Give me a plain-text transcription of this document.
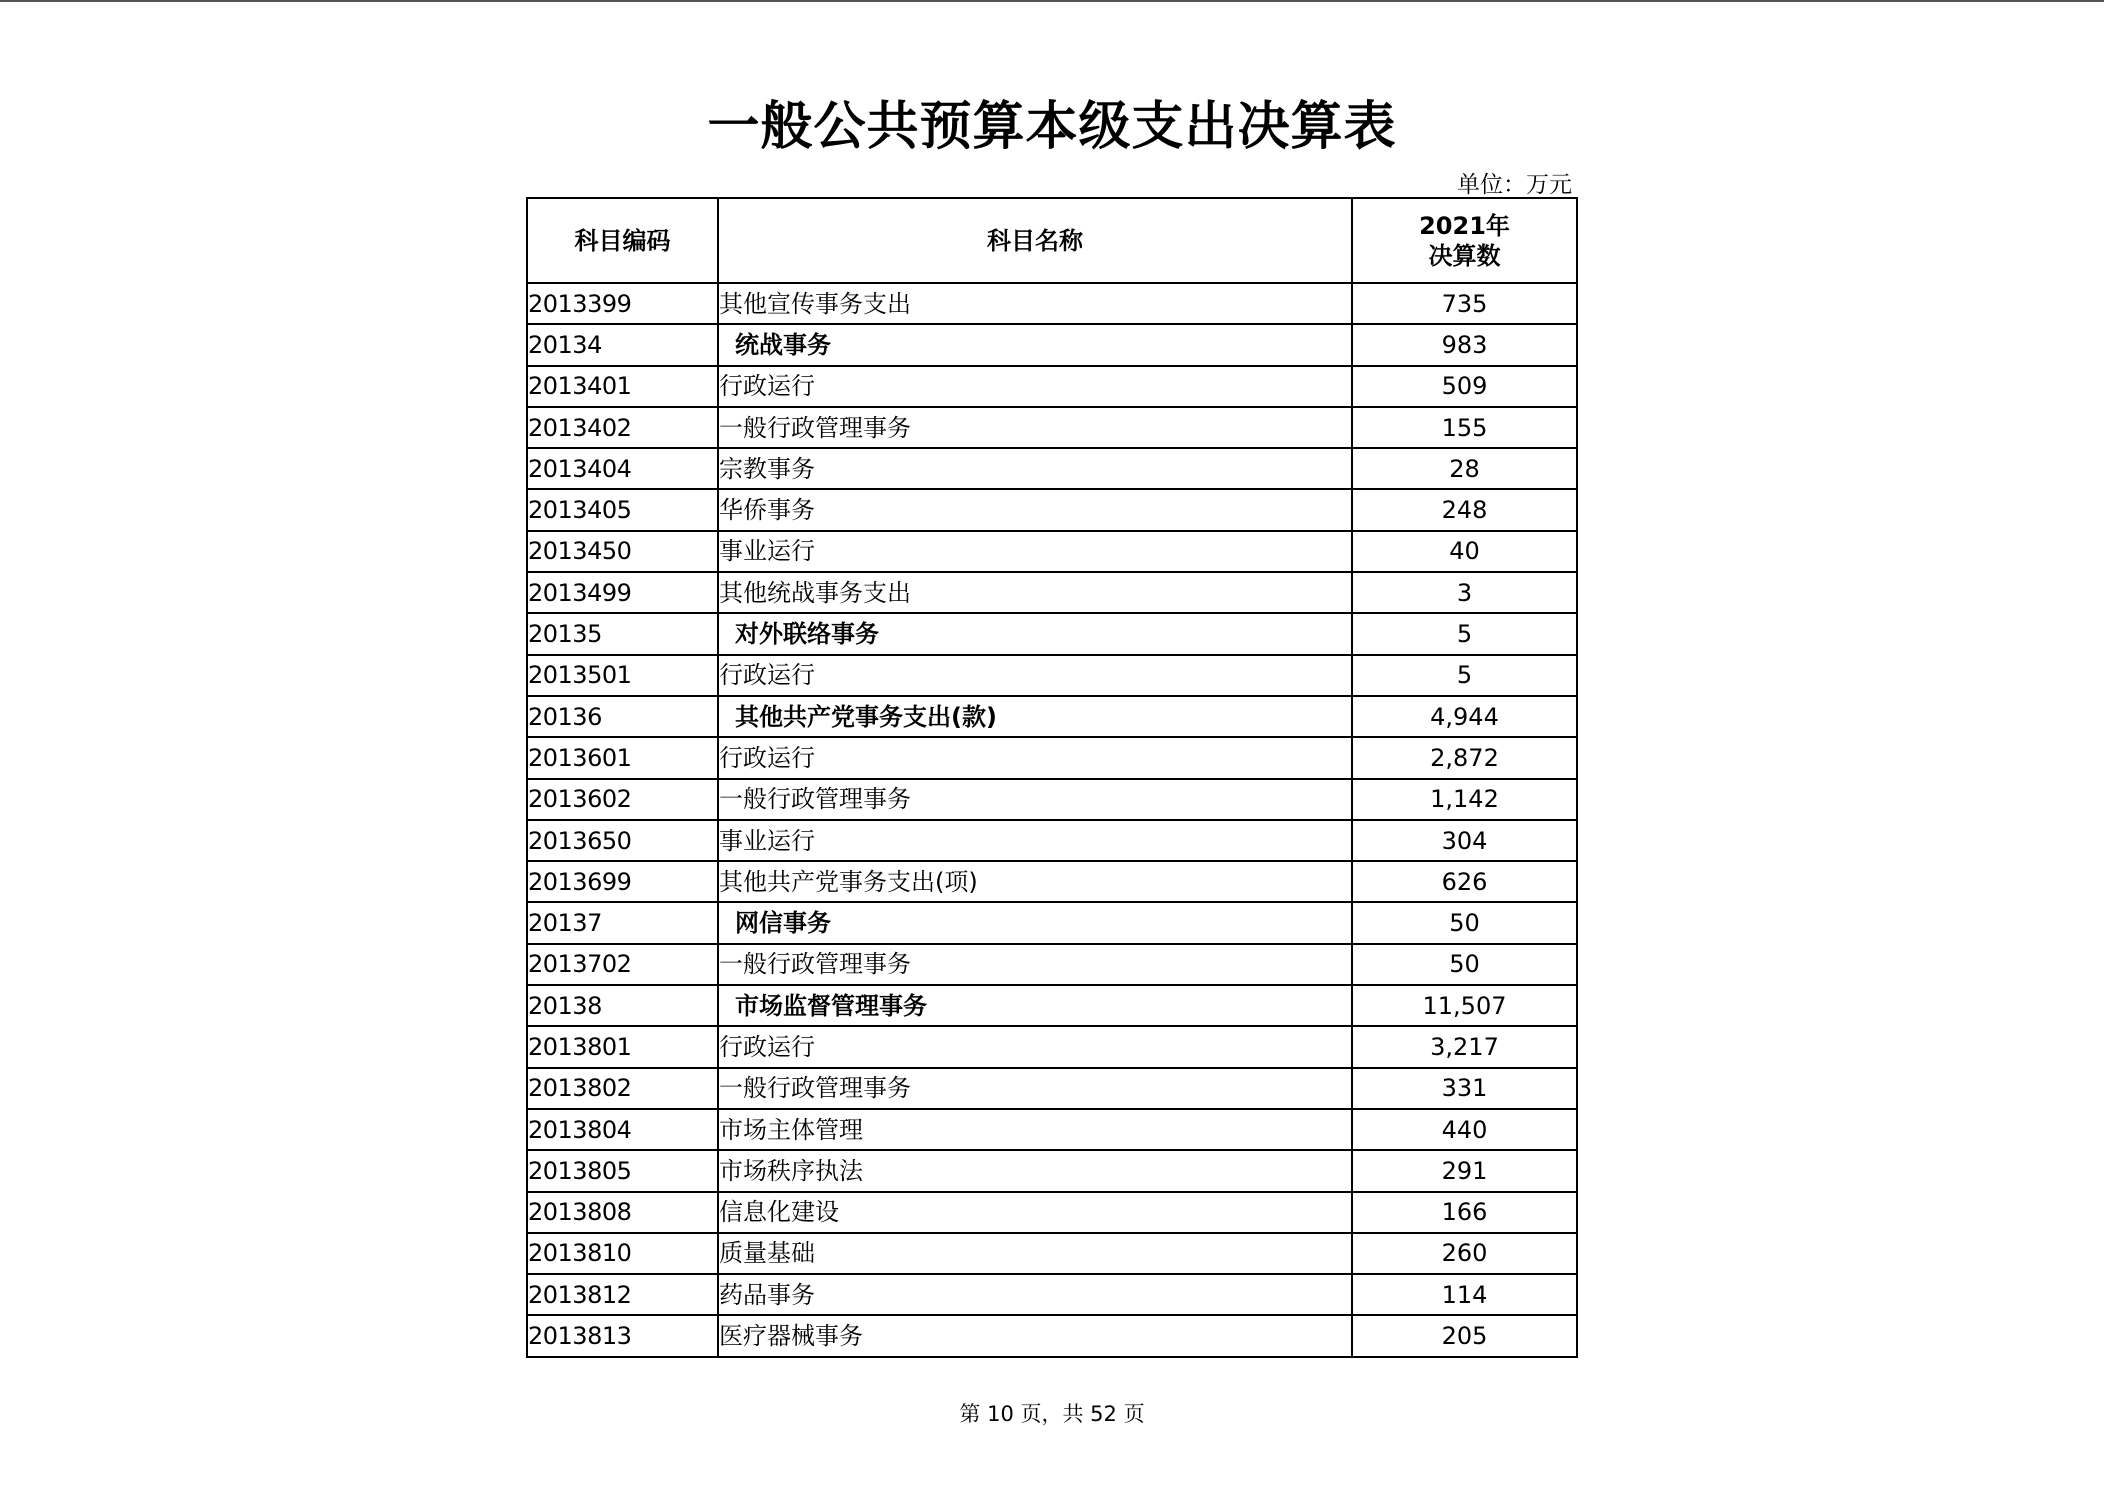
一般公共预算本级支出决算表
单位：万元
科目编码	科目名称	2021年
决算数

2013399	其他宣传事务支出	735
20134	统战事务	983
2013401	行政运行	509
2013402	一般行政管理事务	155
2013404	宗教事务	28
2013405	华侨事务	248
2013450	事业运行	40
2013499	其他统战事务支出	3
20135	对外联络事务	5
2013501	行政运行	5
20136	其他共产党事务支出(款)	4,944
2013601	行政运行	2,872
2013602	一般行政管理事务	1,142
2013650	事业运行	304
2013699	其他共产党事务支出(项)	626
20137	网信事务	50
2013702	一般行政管理事务	50
20138	市场监督管理事务	11,507
2013801	行政运行	3,217
2013802	一般行政管理事务	331
2013804	市场主体管理	440
2013805	市场秩序执法	291
2013808	信息化建设	166
2013810	质量基础	260
2013812	药品事务	114
2013813	医疗器械事务	205
第 10 页，共 52 页
